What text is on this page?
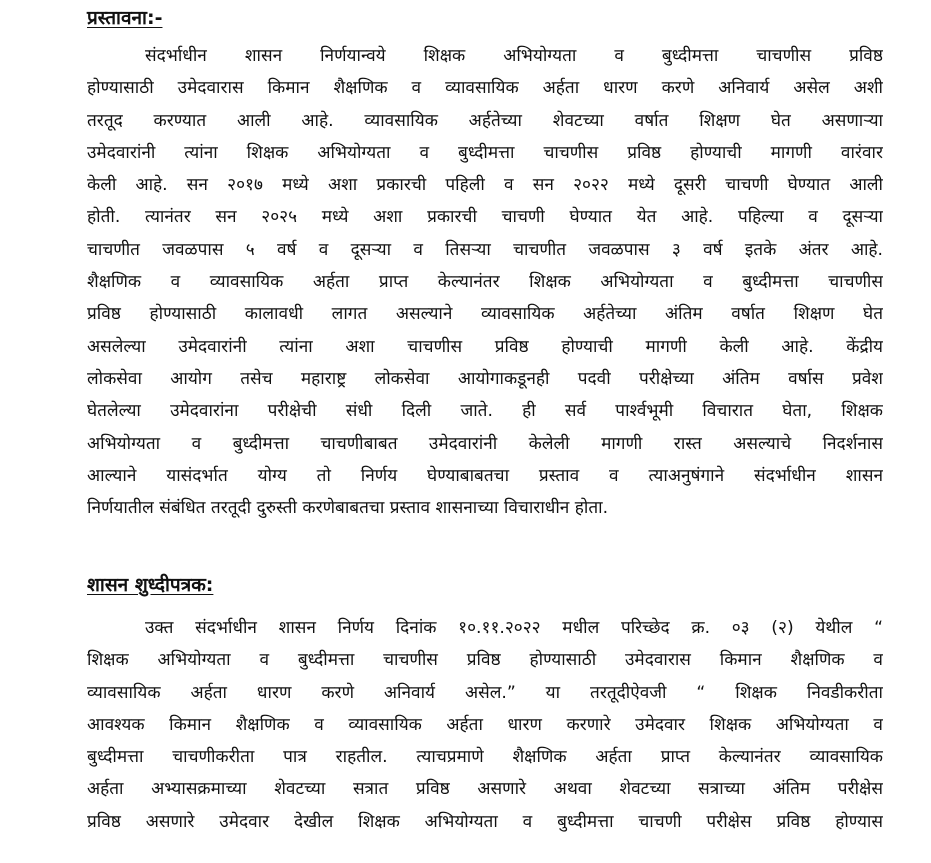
प्रस्तावना:-
संदर्भाधीन शासन निर्णयान्वये शिक्षक अभियोग्यता व बुध्दीमत्ता चाचणीस प्रविष्ठ
होण्यासाठी उमेदवारास किमान शैक्षणिक व व्यावसायिक अर्हता धारण करणे अनिवार्य असेल अशी
तरतूद करण्यात आली आहे. व्यावसायिक अर्हतेच्या शेवटच्या वर्षात शिक्षण घेत असणाऱ्या
उमेदवारांनी त्यांना शिक्षक अभियोग्यता व बुध्दीमत्ता चाचणीस प्रविष्ठ होण्याची मागणी वारंवार
केली आहे. सन २०१७ मध्ये अशा प्रकारची पहिली व सन २०२२ मध्ये दूसरी चाचणी घेण्यात आली
होती. त्यानंतर सन २०२५ मध्ये अशा प्रकारची चाचणी घेण्यात येत आहे. पहिल्या व दूसऱ्या
चाचणीत जवळपास ५ वर्ष व दूसऱ्या व तिसऱ्या चाचणीत जवळपास ३ वर्ष इतके अंतर आहे.
शैक्षणिक व व्यावसायिक अर्हता प्राप्त केल्यानंतर शिक्षक अभियोग्यता व बुध्दीमत्ता चाचणीस
प्रविष्ठ होण्यासाठी कालावधी लागत असल्याने व्यावसायिक अर्हतेच्या अंतिम वर्षात शिक्षण घेत
असलेल्या उमेदवारांनी त्यांना अशा चाचणीस प्रविष्ठ होण्याची मागणी केली आहे. केंद्रीय
लोकसेवा आयोग तसेच महाराष्ट्र लोकसेवा आयोगाकडूनही पदवी परीक्षेच्या अंतिम वर्षास प्रवेश
घेतलेल्या उमेदवारांना परीक्षेची संधी दिली जाते. ही सर्व पार्श्वभूमी विचारात घेता, शिक्षक
अभियोग्यता व बुध्दीमत्ता चाचणीबाबत उमेदवारांनी केलेली मागणी रास्त असल्याचे निदर्शनास
आल्याने यासंदर्भात योग्य तो निर्णय घेण्याबाबतचा प्रस्ताव व त्याअनुषंगाने संदर्भाधीन शासन
निर्णयातील संबंधित तरतूदी दुरुस्ती करणेबाबतचा प्रस्ताव शासनाच्या विचाराधीन होता.
शासन शुध्दीपत्रक:
उक्त संदर्भाधीन शासन निर्णय दिनांक १०.११.२०२२ मधील परिच्छेद क्र. ०३ (२) येथील “
शिक्षक अभियोग्यता व बुध्दीमत्ता चाचणीस प्रविष्ठ होण्यासाठी उमेदवारास किमान शैक्षणिक व
व्यावसायिक अर्हता धारण करणे अनिवार्य असेल.” या तरतूदीऐवजी “ शिक्षक निवडीकरीता
आवश्यक किमान शैक्षणिक व व्यावसायिक अर्हता धारण करणारे उमेदवार शिक्षक अभियोग्यता व
बुध्दीमत्ता चाचणीकरीता पात्र राहतील. त्याचप्रमाणे शैक्षणिक अर्हता प्राप्त केल्यानंतर व्यावसायिक
अर्हता अभ्यासक्रमाच्या शेवटच्या सत्रात प्रविष्ठ असणारे अथवा शेवटच्या सत्राच्या अंतिम परीक्षेस
प्रविष्ठ असणारे उमेदवार देखील शिक्षक अभियोग्यता व बुध्दीमत्ता चाचणी परीक्षेस प्रविष्ठ होण्यास
